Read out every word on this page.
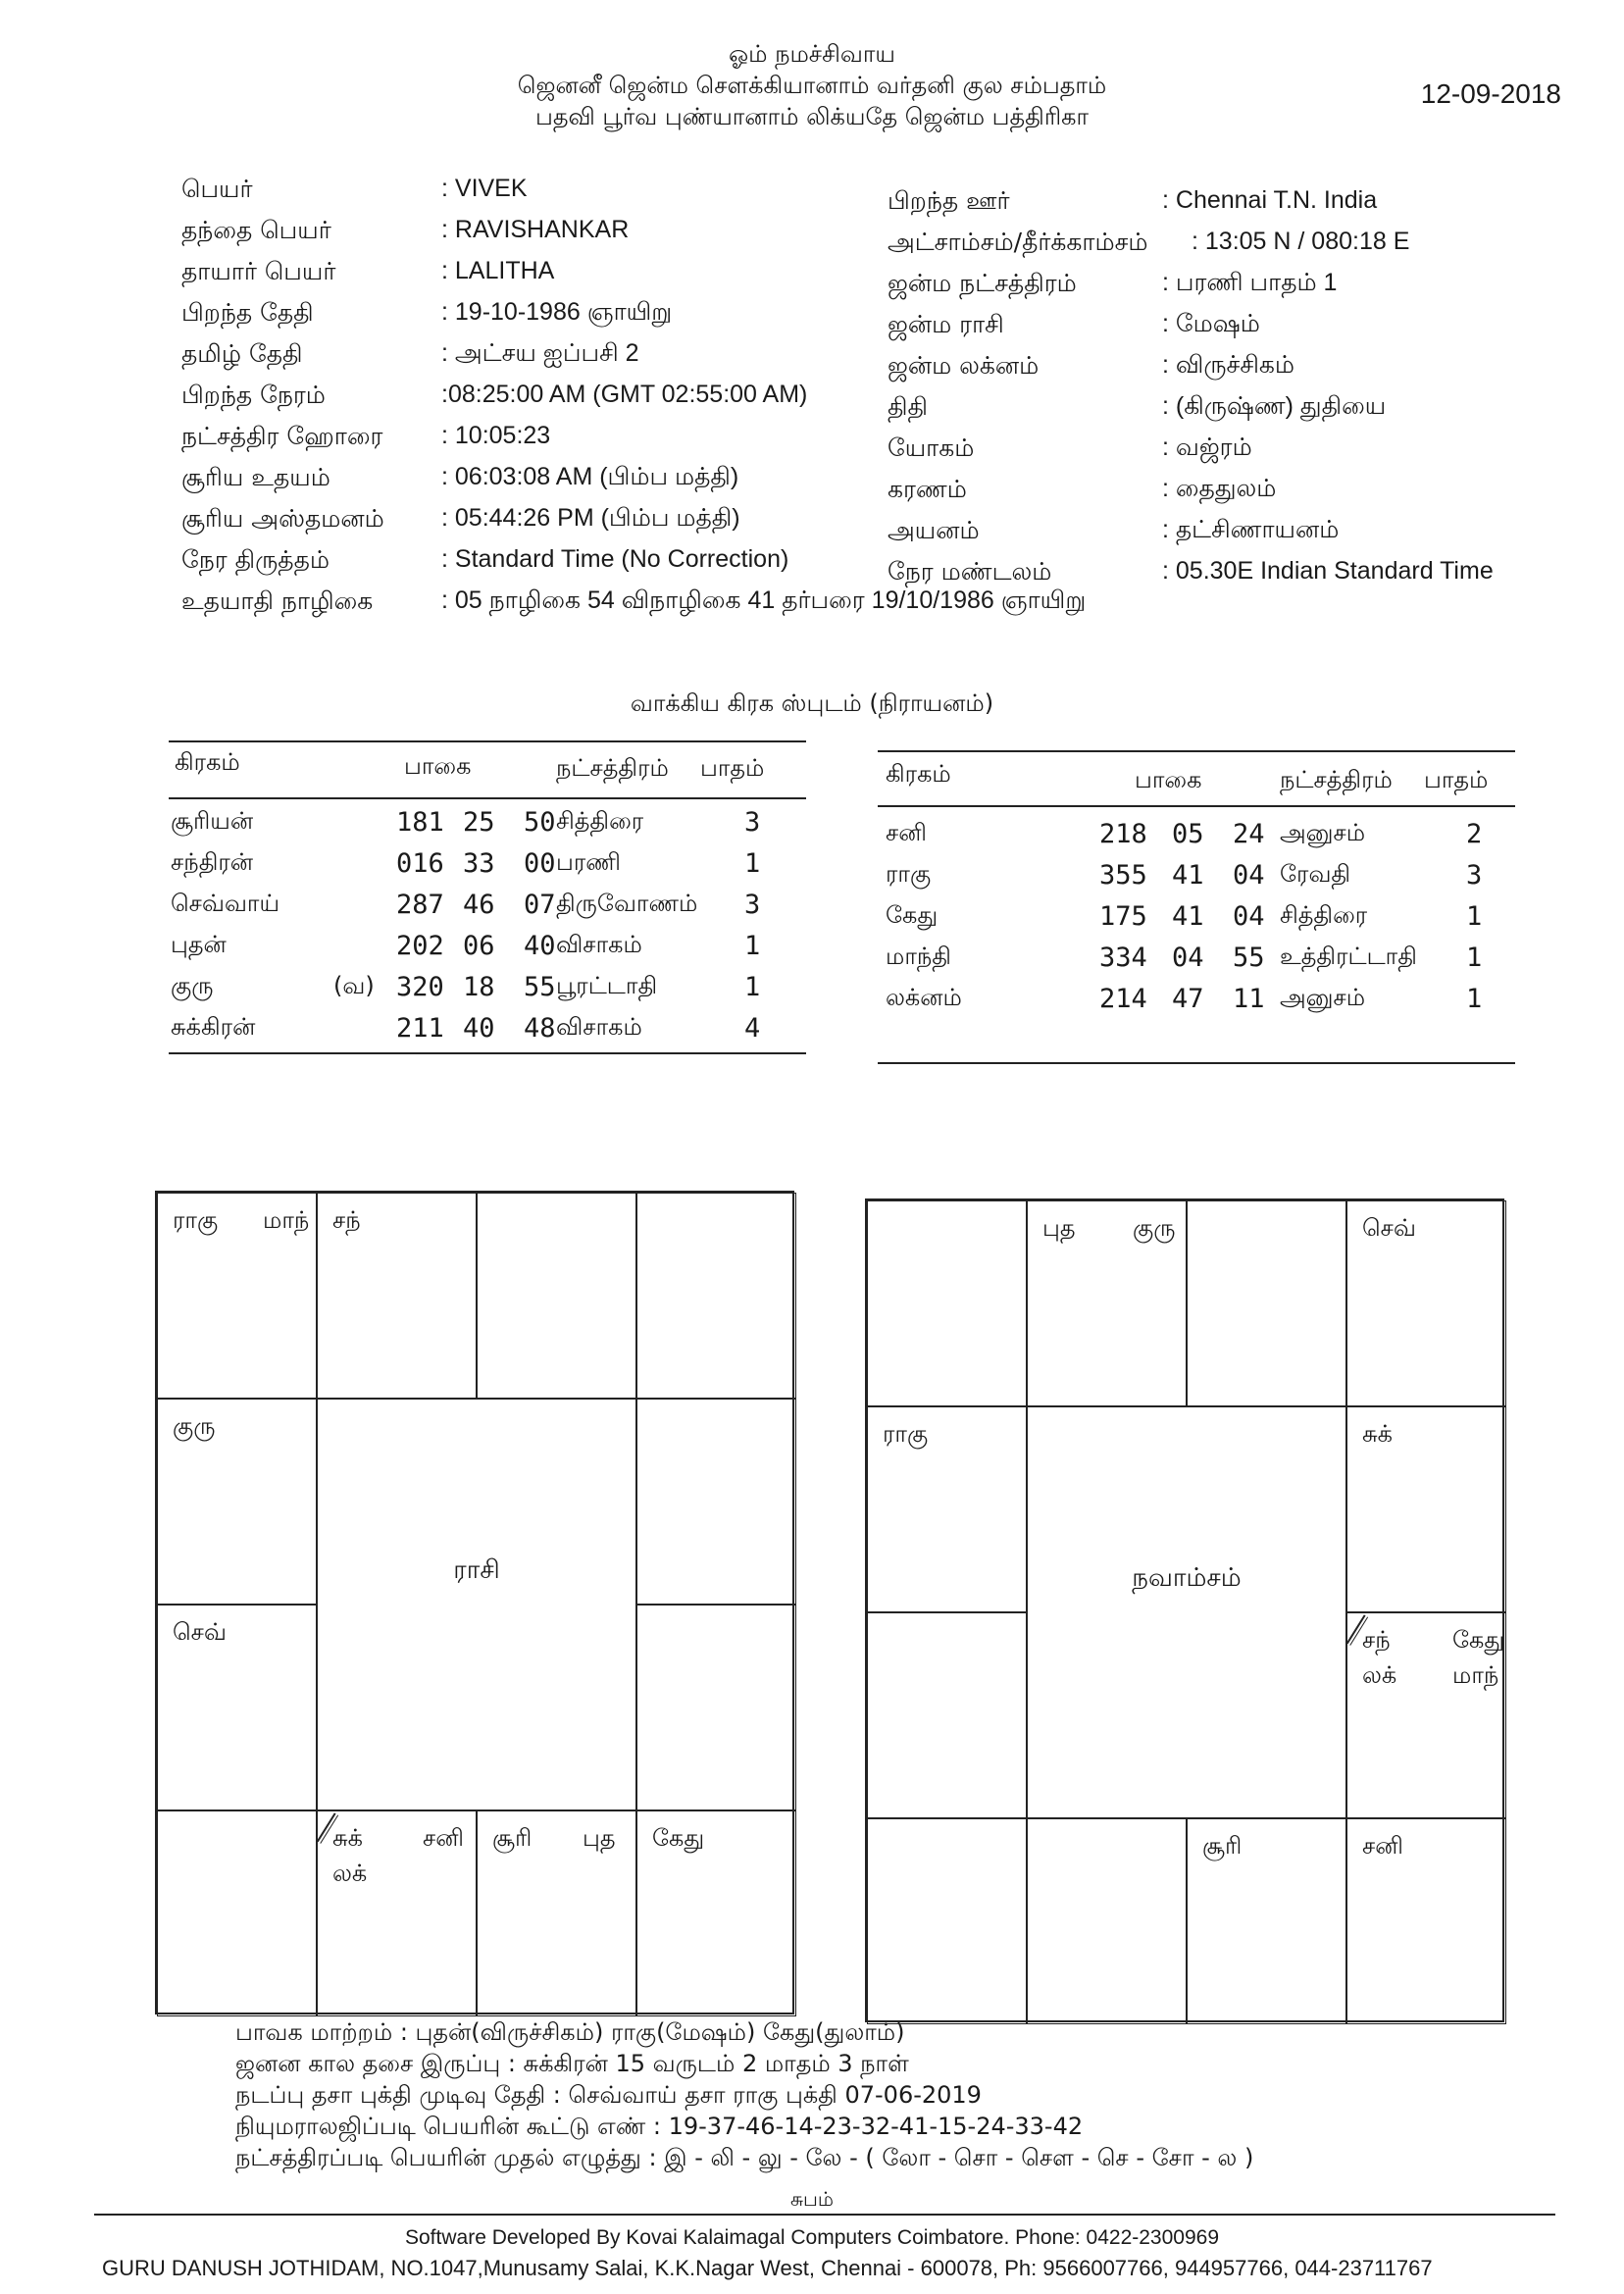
ஓம் நமச்சிவாய
ஜெனனீ ஜென்ம சௌக்கியானாம் வர்தனி குல சம்பதாம்
பதவி பூர்வ புண்யானாம் லிக்யதே ஜென்ம பத்திரிகா
12-09-2018
பெயர்	: VIVEK
தந்தை பெயர்	: RAVISHANKAR
தாயார் பெயர்	: LALITHA
பிறந்த தேதி	: 19-10-1986 ஞாயிறு
தமிழ் தேதி	: அட்சய ஐப்பசி 2
பிறந்த நேரம்	:08:25:00 AM (GMT 02:55:00 AM)
நட்சத்திர ஹோரை : 10:05:23
சூரிய உதயம்	: 06:03:08 AM (பிம்ப மத்தி)
சூரிய அஸ்தமனம் : 05:44:26 PM (பிம்ப மத்தி)
நேர திருத்தம்	: Standard Time (No Correction)
உதயாதி நாழிகை	: 05 நாழிகை 54 விநாழிகை 41 தர்பரை 19/10/1986 ஞாயிறு
பிறந்த ஊர்	: Chennai T.N. India
அட்சாம்சம்/தீர்க்காம்சம் : 13:05 N / 080:18 E
ஜன்ம நட்சத்திரம்	: பரணி பாதம் 1
ஜன்ம ராசி	: மேஷம்
ஜன்ம லக்னம்	: விருச்சிகம்
திதி	: (கிருஷ்ண) துதியை
யோகம்	: வஜ்ரம்
கரணம்	: தைதுலம்
அயனம்	: தட்சிணாயனம்
நேர மண்டலம்	: 05.30E Indian Standard Time
வாக்கிய கிரக ஸ்புடம் (நிராயனம்)
கிரகம்	பாகை	நட்சத்திரம் பாதம்
சூரியன்	181 25 50 சித்திரை	3
சந்திரன்	016 33 00 பரணி	1
செவ்வாய்	287 46 07 திருவோணம் 3
புதன்	202 06 40 விசாகம்	1
குரு	(வ) 320 18 55 பூரட்டாதி	1
சுக்கிரன்	211 40 48 விசாகம்	4
கிரகம்	பாகை	நட்சத்திரம் பாதம்
சனி	218 05 24 அனுசம்	2
ராகு	355 41 04 ரேவதி	3
கேது	175 41 04 சித்திரை	1
மாந்தி	334 04 55 உத்திரட்டாதி 1
லக்னம்	214 47 11 அனுசம்	1
ராசி
ராகு மாந் சந்
குரு
செவ்
சுக்	சனி
லக்
சூரி புத கேது
நவாம்சம்
புத குரு	செவ்
ராகு	சுக்
சந்	கேது
லக் மாந்
சூரி	சனி
பாவக மாற்றம் : புதன்(விருச்சிகம்) ராகு(மேஷம்) கேது(துலாம்)
ஜனன கால தசை இருப்பு : சுக்கிரன் 15 வருடம் 2 மாதம் 3 நாள்
நடப்பு தசா புக்தி முடிவு தேதி : செவ்வாய் தசா ராகு புக்தி 07-06-2019
நியுமராலஜிப்படி பெயரின் கூட்டு எண் : 19-37-46-14-23-32-41-15-24-33-42
நட்சத்திரப்படி பெயரின் முதல் எழுத்து : இ - லி - லு - லே - ( லோ - சொ - சௌ - செ - சோ - ல )
சுபம்
Software Developed By Kovai Kalaimagal Computers Coimbatore. Phone: 0422-2300969
GURU DANUSH JOTHIDAM, NO.1047,Munusamy Salai, K.K.Nagar West, Chennai - 600078, Ph: 9566007766, 944957766, 044-23711767
